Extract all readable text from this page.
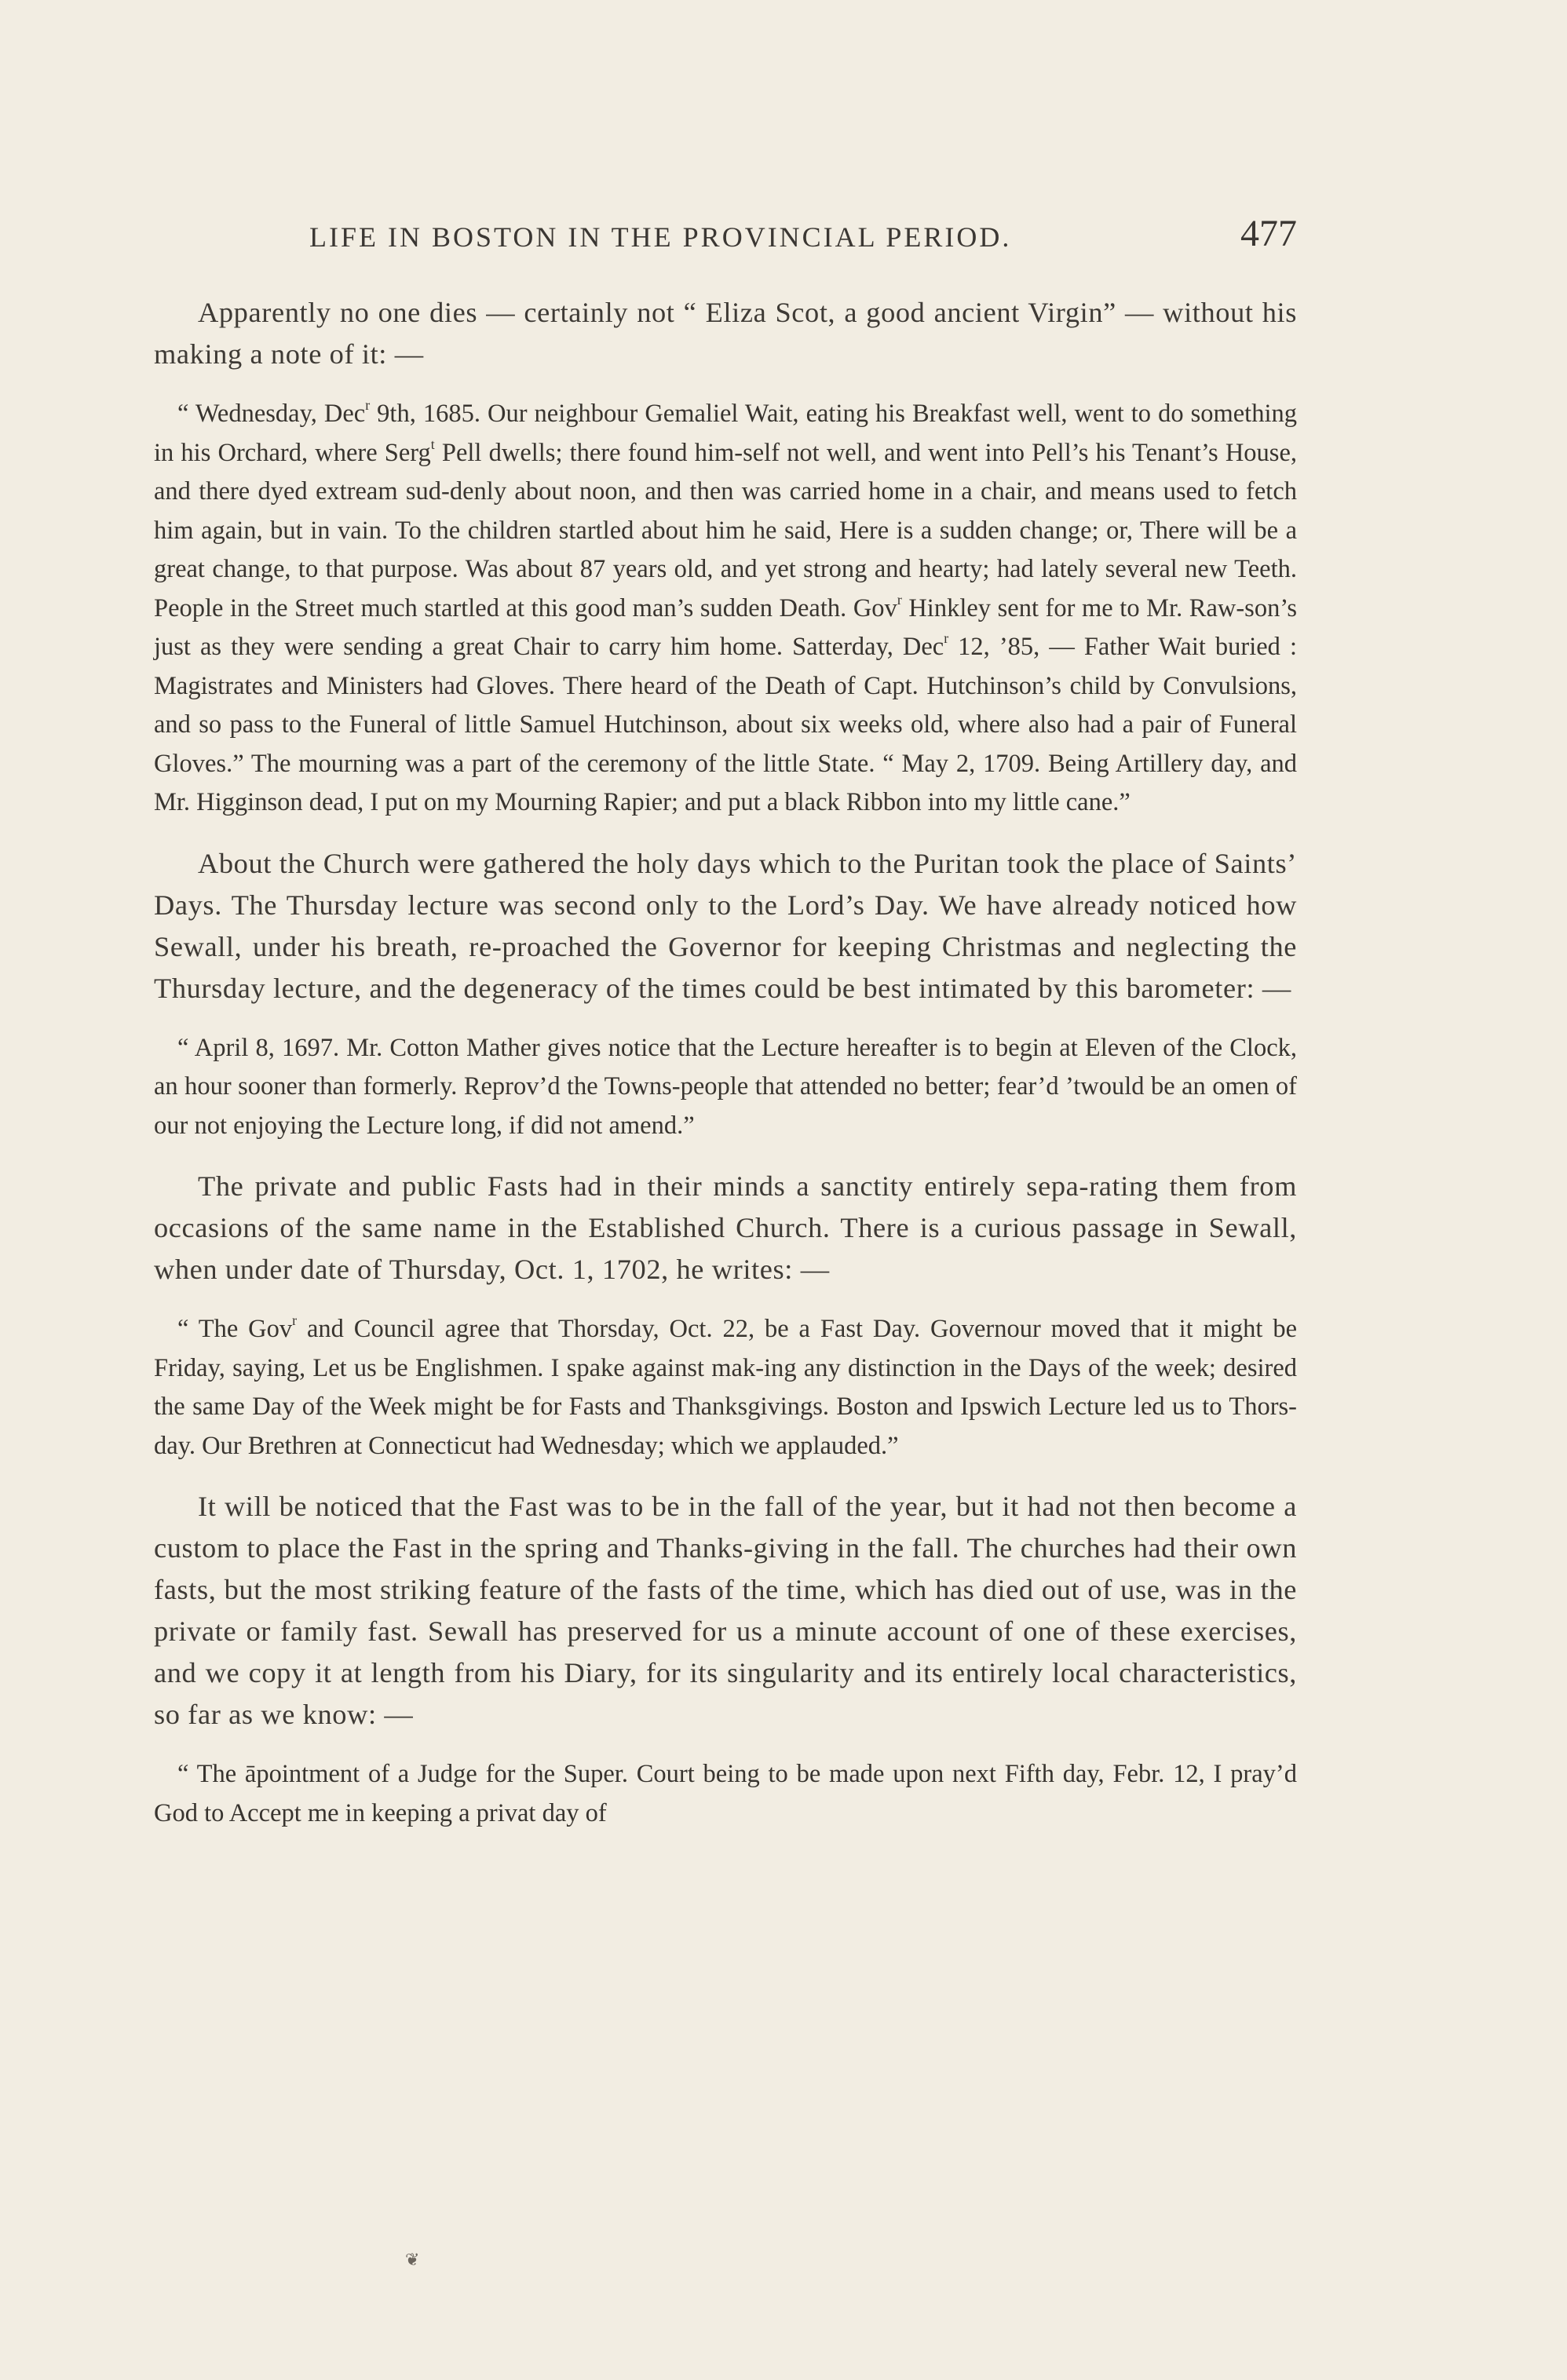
LIFE IN BOSTON IN THE PROVINCIAL PERIOD.	477

Apparently no one dies — certainly not “ Eliza Scot, a good ancient Virgin” — without his making a note of it: —

“ Wednesday, Dec$^r$ 9th, 1685. Our neighbour Gemaliel Wait, eating his Breakfast well, went to do something in his Orchard, where Serg$^t$ Pell dwells; there found him-self not well, and went into Pell’s his Tenant’s House, and there dyed extream sud-denly about noon, and then was carried home in a chair, and means used to fetch him again, but in vain. To the children startled about him he said, Here is a sudden change; or, There will be a great change, to that purpose. Was about 87 years old, and yet strong and hearty; had lately several new Teeth. People in the Street much startled at this good man’s sudden Death. Gov$^r$ Hinkley sent for me to Mr. Raw-son’s just as they were sending a great Chair to carry him home. Satterday, Dec$^r$ 12, ’85, — Father Wait buried : Magistrates and Ministers had Gloves. There heard of the Death of Capt. Hutchinson’s child by Convulsions, and so pass to the Funeral of little Samuel Hutchinson, about six weeks old, where also had a pair of Funeral Gloves.” The mourning was a part of the ceremony of the little State. “ May 2, 1709. Being Artillery day, and Mr. Higginson dead, I put on my Mourning Rapier; and put a black Ribbon into my little cane.”

About the Church were gathered the holy days which to the Puritan took the place of Saints’ Days. The Thursday lecture was second only to the Lord’s Day. We have already noticed how Sewall, under his breath, re-proached the Governor for keeping Christmas and neglecting the Thursday lecture, and the degeneracy of the times could be best intimated by this barometer: —

“ April 8, 1697. Mr. Cotton Mather gives notice that the Lecture hereafter is to begin at Eleven of the Clock, an hour sooner than formerly. Reprov’d the Towns-people that attended no better; fear’d ’twould be an omen of our not enjoying the Lecture long, if did not amend.”

The private and public Fasts had in their minds a sanctity entirely sepa-rating them from occasions of the same name in the Established Church. There is a curious passage in Sewall, when under date of Thursday, Oct. 1, 1702, he writes: —

“ The Gov$^r$ and Council agree that Thorsday, Oct. 22, be a Fast Day. Governour moved that it might be Friday, saying, Let us be Englishmen. I spake against mak-ing any distinction in the Days of the week; desired the same Day of the Week might be for Fasts and Thanksgivings. Boston and Ipswich Lecture led us to Thors-day. Our Brethren at Connecticut had Wednesday; which we applauded.”

It will be noticed that the Fast was to be in the fall of the year, but it had not then become a custom to place the Fast in the spring and Thanks-giving in the fall. The churches had their own fasts, but the most striking feature of the fasts of the time, which has died out of use, was in the private or family fast. Sewall has preserved for us a minute account of one of these exercises, and we copy it at length from his Diary, for its singularity and its entirely local characteristics, so far as we know: —

“ The āpointment of a Judge for the Super. Court being to be made upon next Fifth day, Febr. 12, I pray’d God to Accept me in keeping a privat day of

❦
